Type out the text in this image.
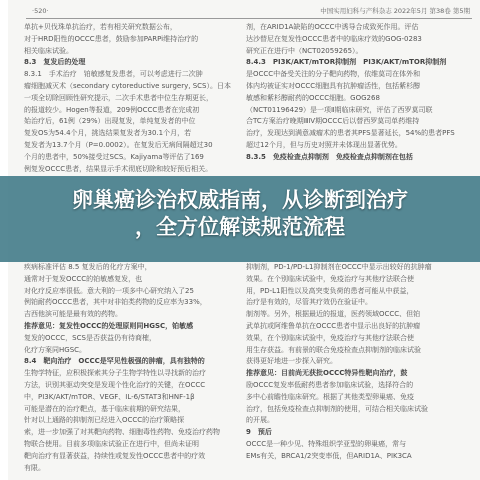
·520·	中国实用妇科与产科杂志 2022年5月 第38卷 第5期

单抗+贝伐珠单抗治疗，若有相关研究数据公布，

对于HRD阳性的OCCC患者，鼓励参加PARPi维持治疗的

相关临床试验。

8.3　复发后的处理

8.3.1　手术治疗　铂敏感复发患者，可以考虑进行二次肿

瘤细胞减灭术（secondary cytoreductive surgery, SCS）。日本

一项全切除回顾性研究提示，二次手术患者中位生存期更长，

的报道较少。Hogen等报道，209例OCCC患者在完成初

始治疗后，61例（29%）出现复发，单纯复发者的中位

复发OS为54.4个月，挑选结果复发者为30.1个月，若

复发者为13.7个月（P=0.0002）。在复发后无病间隔超过30

个月的患者中，50%接受过SCS。Kajiyama等评估了169

例复发OCCC患者，结果显示手术彻底切除和较好预后相关。

剂，在ARID1A缺陷的OCCC中诱导合成致死作用。评估

达沙替尼在复发性OCCC患者中的临床疗效的GOG-0283

研究正在进行中（NCT02059265）。

8.4.3　PI3K/AKT/mTOR抑制剂　PI3K/AKT/mTOR抑制剂

是OCCC中备受关注的分子靶向药物，依维莫司在体外和

体内均被证实对OCCC细胞具有抗肿瘤活性，包括紫杉醇

敏感和紫杉醇耐药的OCCC细胞。GOG268

（NCT01196429）是一项Ⅱ期临床研究，评估了西罗莫司联

合TC方案治疗晚期ⅢⅣ期OCCC后以替西罗莫司单药维持

治疗，发现达到满意减瘤术的患者其PFS显著延长，54%的患者PFS

超过12个月，但与历史对照并未体现出显著优势。

8.3.5　免疫检查点抑制剂　免疫检查点抑制剂在包括

疾病标准评估 8.5 复发后的化疗方案中，

通常对于复发OCCC的铂敏感复发，也

对化疗反应率很低。意大利的一项多中心研究纳入了25

例铂耐药OCCC患者，其中对非铂类药物的反应率为33%，

吉西他滨可能是最有效的药物。

推荐意见：复发性OCCC的处理原则同HGSC，铂敏感

复发的OCCC，SCS是否获益仍有待商榷，

化疗方案同HGSC。

8.4　靶向治疗　OCCC是罕见性极强的肿瘤，具有独特的

生物学特征，应积极探索其分子生物学特性以寻找新的治疗

方法，识别其驱动突变是发现个性化治疗的关键，在OCCC

中，PI3K/AKT/mTOR、VEGF、IL-6/STAT3和HNF-1β

可能是潜在的治疗靶点，基于临床前期的研究结果，

针对以上通路的抑制剂已经进入OCCC的治疗策略探

索，进一步加强了对其靶向药物、细胞毒性药物、免疫治疗药物

物联合使用。目前多项临床试验正在进行中，但尚未证明

靶向治疗有显著获益，持续性或复发性OCCC患者中的疗效

有限。

抑制剂，PD-1/PD-L1抑制剂在OCCC中显示出较好的抗肿瘤

效果。在个别临床试验中，免疫治疗与其他疗法联合使

用，PD-L1阳性以及高突变负荷的患者可能从中获益，

治疗是有效的，尽管其疗效仍在验证中。

制剂等。另外，根据最近的报道，医药领域OCCC、但铂

武单抗或阿维鲁单抗在OCCC患者中显示出良好的抗肿瘤

效果，在个别临床试验中，免疫治疗与其他疗法联合使

用生存获益。有前景的联合免疫检查点抑制剂的临床试验

获得更好地进一步探入研究。

推荐意见：目前尚无获批OCCC特异性靶向治疗，鼓

励OCCC复发率低耐药患者参加临床试验，选择符合的

多中心前瞻性临床研究。根据了其他类型卵巢癌、免疫

治疗，包括免疫检查点抑制剂的使用，可结合相关临床试验

的开展。

9　预后

OCCC是一种少见、特殊组织学亚型的卵巢癌，常与

EMs有关，BRCA1/2突变率低，但ARID1A、PIK3CA

卵巢癌诊治权威指南，从诊断到治疗
，全方位解读规范流程
